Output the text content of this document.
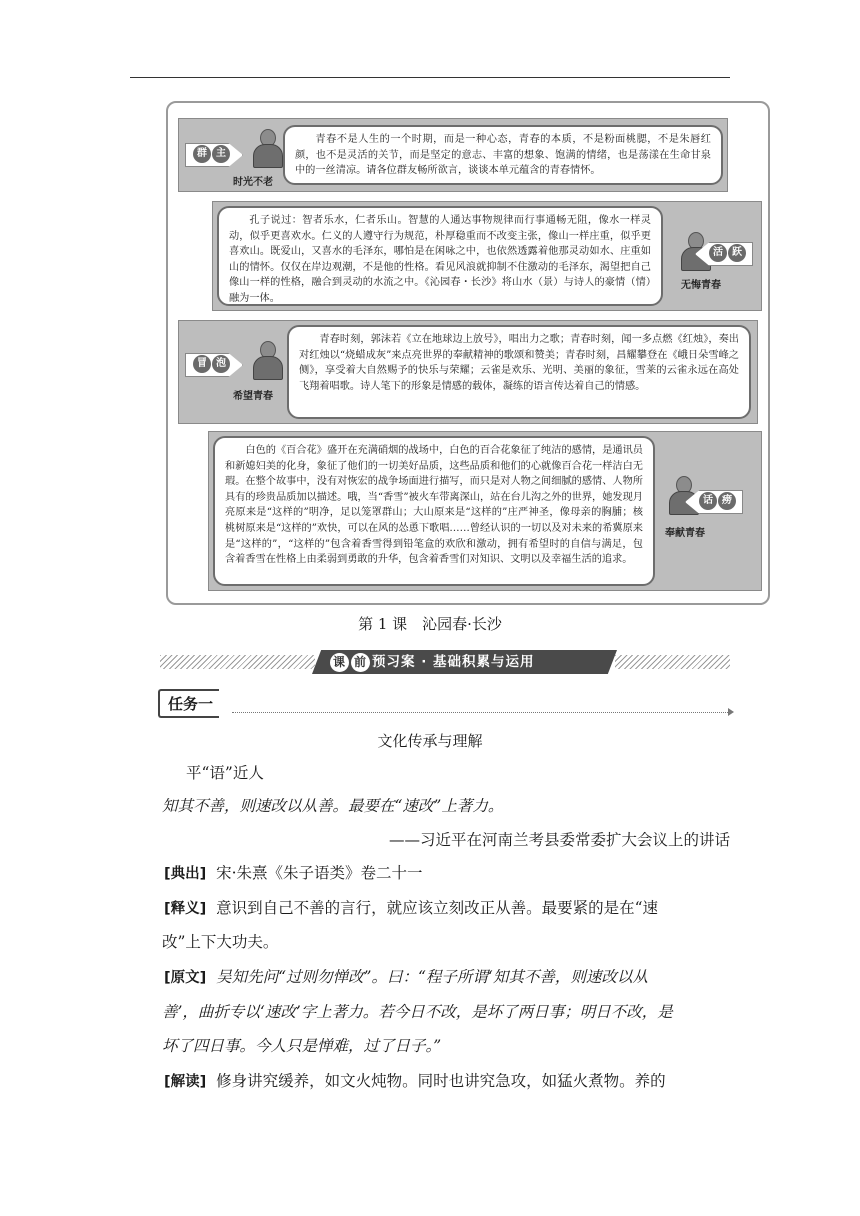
群 主
时光不老
青春不是人生的一个时期，而是一种心态，青春的本质，不是粉面桃腮，不是朱唇红颜，也不是灵活的关节，而是坚定的意志、丰富的想象、饱满的情绪，也是荡漾在生命甘泉中的一丝清凉。请各位群友畅所欲言，谈谈本单元蕴含的青春情怀。
孔子说过：智者乐水，仁者乐山。智慧的人通达事物规律而行事通畅无阻，像水一样灵动，似乎更喜欢水。仁义的人遵守行为规范，朴厚稳重而不改变主张，像山一样庄重，似乎更喜欢山。既爱山，又喜水的毛泽东，哪怕是在闲咏之中，也依然透露着他那灵动如水、庄重如山的情怀。仅仅在岸边观潮，不是他的性格。看见风浪就抑制不住激动的毛泽东，渴望把自己像山一样的性格，融合到灵动的水流之中。《沁园春・长沙》将山水（景）与诗人的豪情（情）融为一体。
活 跃
无悔青春
冒 泡
希望青春
青春时刻，郭沫若《立在地球边上放号》，唱出力之歌；青春时刻，闻一多点燃《红烛》，奏出对红烛以“烧蜡成灰”来点亮世界的奉献精神的歌颂和赞美；青春时刻，昌耀攀登在《峨日朵雪峰之侧》，享受着大自然赐予的快乐与荣耀；云雀是欢乐、光明、美丽的象征，雪莱的云雀永远在高处飞翔着唱歌。诗人笔下的形象是情感的载体，凝练的语言传达着自己的情感。
白色的《百合花》盛开在充满硝烟的战场中，白色的百合花象征了纯洁的感情，是通讯员和新媳妇美的化身，象征了他们的一切美好品质，这些品质和他们的心就像百合花一样洁白无瑕。在整个故事中，没有对恢宏的战争场面进行描写，而只是对人物之间细腻的感情、人物所具有的珍贵品质加以描述。哦，当“香雪”被火车带离深山，站在台儿沟之外的世界，她发现月亮原来是“这样的”明净，足以笼罩群山；大山原来是“这样的”庄严神圣，像母亲的胸脯；核桃树原来是“这样的”欢快，可以在风的怂恿下歌唱……曾经认识的一切以及对未来的希冀原来是“这样的”，“这样的”包含着香雪得到铅笔盒的欢欣和激动，拥有希望时的自信与满足，包含着香雪在性格上由柔弱到勇敢的升华，包含着香雪们对知识、文明以及幸福生活的追求。
话 痨
奉献青春
第 1 课　沁园春·长沙
课 前 预习案 · 基础积累与运用
任务一
文化传承与理解
平“语”近人
知其不善，则速改以从善。最要在“速改”上著力。
——习近平在河南兰考县委常委扩大会议上的讲话
[典出] 宋·朱熹《朱子语类》卷二十一
[释义] 意识到自己不善的言行，就应该立刻改正从善。最要紧的是在“速
改”上下大功夫。
[原文] 吴知先问“过则勿惮改”。曰：“程子所谓‘知其不善，则速改以从
善’，曲折专以‘速改’字上著力。若今日不改，是坏了两日事；明日不改，是
坏了四日事。今人只是惮难，过了日子。”
[解读] 修身讲究缓养，如文火炖物。同时也讲究急攻，如猛火煮物。养的
